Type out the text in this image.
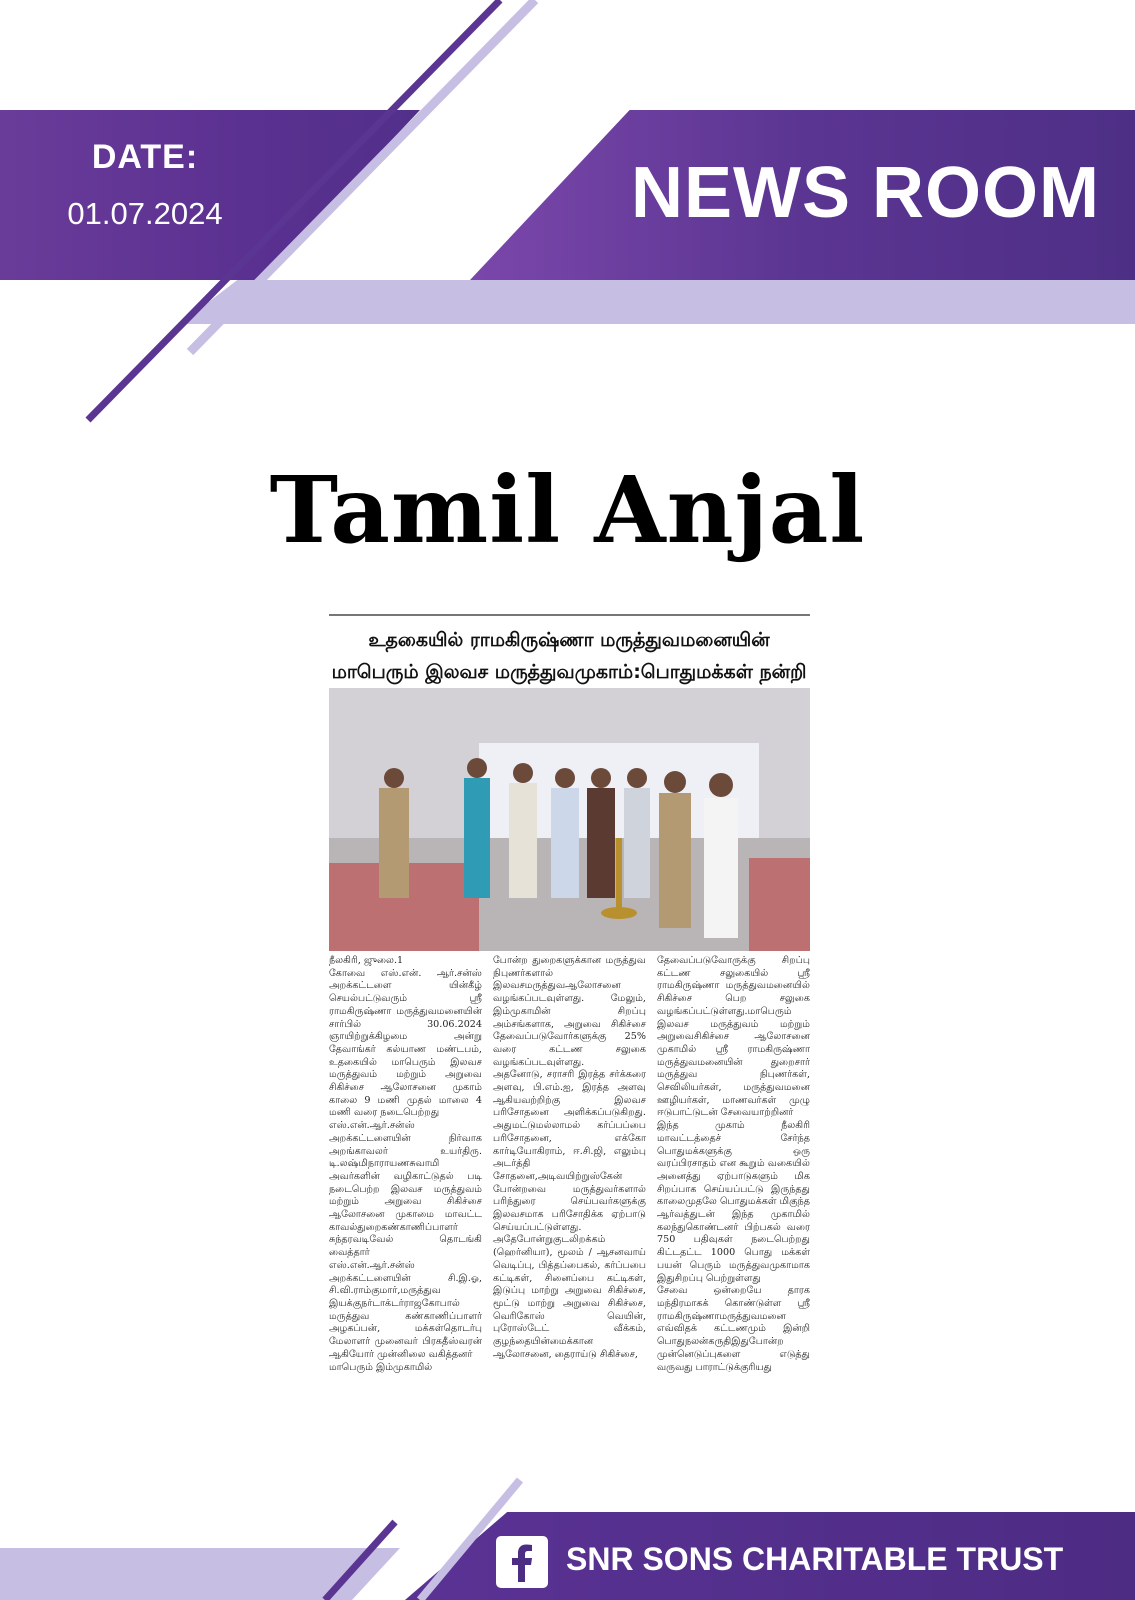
DATE:
01.07.2024	NEWS ROOM
Tamil Anjal
உதகையில் ராமகிருஷ்ணா மருத்துவமனையின்
மாபெரும் இலவச மருத்துவமுகாம்:பொதுமக்கள் நன்றி
நீலகிரி, ஜுலை.1
கோவை எஸ்.என். ஆர்.சன்ஸ் அறக்கட்டளை யின்கீழ் செயல்பட்டுவரும் ஸ்ரீ ராமகிருஷ்ணா மருத்துவமனையின் சார்பில் 30.06.2024 ஞாயிற்றுக்கிழமை அன்று தேவாங்கர் கல்யாண மண்டபம், உதகையில் மாபெரும் இலவச மருத்துவம் மற்றும் அறுவை சிகிச்சை ஆலோசனை முகாம் காலை 9 மணி முதல் மாலை 4 மணி வரை நடைபெற்றது
எஸ்.என்.ஆர்.சன்ஸ் அறக்கட்டளையின் நிர்வாக அறங்காவலர் உயர்திரு. டி.லஷ்மிநாராயணசுவாமி அவர்களின் வழிகாட்டுதல் படி நடைபெற்ற இலவச மருத்துவம் மற்றும் அறுவை சிகிச்சை ஆலோசனை முகாமை மாவட்ட காவல்துறைகண்காணிப்பாளர் சுந்தரவடிவேல் தொடங்கி வைத்தார்
எஸ்.என்.ஆர்.சன்ஸ் அறக்கட்டளையின் சி.இ.ஓ, சி.வி.ராம்குமார்,மருத்துவ இயக்குநர்டாக்டர்ராஜகோபால் மருத்துவ கண்காணிப்பாளர் அழகப்பன், மக்கள்தொடர்பு மேலாளர் முனைவர் பிரகதீஸ்வரன் ஆகியோர் முன்னிலை வகித்தனர்
மாபெரும் இம்முகாமில்
போன்ற துறைகளுக்கான மருத்துவ நிபுணர்களால் இலவசமருத்துவஆலோசனை வழங்கப்படவுள்ளது. மேலும், இம்முகாமின் சிறப்பு அம்சங்களாக, அறுவை சிகிச்சை தேவைப்படுவோர்களுக்கு 25% வரை கட்டண சலுகை வழங்கப்படவுள்ளது.
அதனோடு, சராசரி இரத்த சர்க்கரை அளவு, பி.எம்.ஐ, இரத்த அளவு ஆகியவற்றிற்கு இலவச பரிசோதனை அளிக்கப்படுகிறது. அதுமட்டுமல்லாமல் கர்ப்பப்பை பரிசோதனை, எக்கோ கார்டியோகிராம், ஈ.சி.ஜி, எலும்பு அடர்த்தி சோதனை,அடிவயிற்றுஸ்கேன் போன்றவை மருத்துவர்களால் பரிந்துரை செய்பவர்களுக்கு இலவசமாக பரிசோதிக்க ஏற்பாடு செய்யப்பட்டுள்ளது.
அதேபோன்றுகுடலிறக்கம் (ஹெர்னியா), மூலம் / ஆசனவாய் வெடிப்பு, பித்தப்பைகல், கர்ப்பபை கட்டிகள், சினைப்பை கட்டிகள், இடுப்பு மாற்று அறுவை சிகிச்சை, மூட்டு மாற்று அறுவை சிகிச்சை, வெரிகோஸ் வெயின், புரோஸ்டேட் வீக்கம், குழந்தையின்மைக்கான ஆலோசனை, தைராய்டு சிகிச்சை,
தேவைப்படுவோருக்கு சிறப்பு கட்டண சலுகையில் ஸ்ரீ ராமகிருஷ்ணா மருத்துவமனையில் சிகிச்சை பெற சலுகை வழங்கப்பட்டுள்ளது.மாபெரும் இலவச மருத்துவம் மற்றும் அறுவைசிகிச்சை ஆலோசனை முகாமில் ஸ்ரீ ராமகிருஷ்ணா மருத்துவமனையின் துறைசார் மருத்துவ நிபுணர்கள், செவிலியர்கள், மருத்துவமனை ஊழியர்கள், மாணவர்கள் முழு ஈடுபாட்டுடன் சேவையாற்றினர்
இந்த முகாம் நீலகிரி மாவட்டத்தைச் சேர்ந்த பொதுமக்களுக்கு ஒரு வரப்பிரசாதம் என கூறும் வகையில் அனைத்து ஏற்பாடுகளும் மிக சிறப்பாக செய்யப்பட்டு இருந்தது காலைமுதலே பொதுமக்கள் மிகுந்த ஆர்வத்துடன் இந்த முகாமில் கலந்துகொண்டனர் பிற்பகல் வரை 750 பதிவுகள் நடைபெற்றது கிட்டதட்ட 1000 பொது மக்கள் பயன் பெரும் மருத்துவமுகாமாக இதுசிறப்பு பெற்றுள்ளது
சேவை ஒன்றையே தாரக மந்திரமாகக் கொண்டுள்ள ஸ்ரீ ராமகிருஷ்ணாமருத்துவமனை எவ்விதக் கட்டணமும் இன்றி பொதுநலன்கருதிஇதுபோன்ற முன்னெடுப்புகளை எடுத்து வருவது பாராட்டுக்குரியது
SNR SONS CHARITABLE TRUST
